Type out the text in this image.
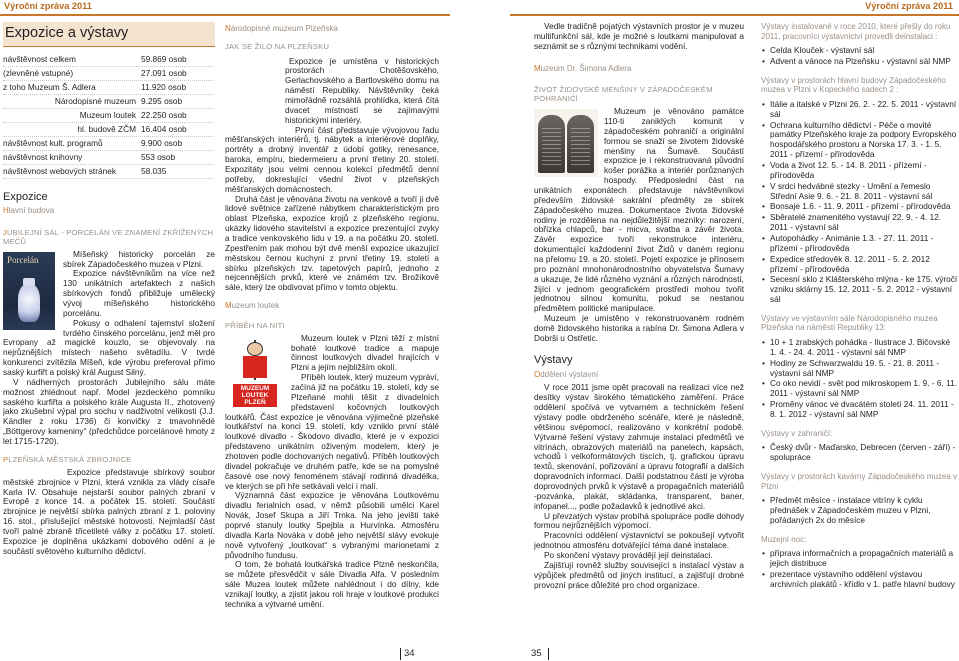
Výroční zpráva 2011	Výroční zpráva 2011
Expozice a výstavy
návštěvnost celkem	59.869 osob
(zlevněné vstupné)	27.091 osob
z toho Muzeum Š. Adlera	11.920 osob
Národopisné muzeum 9.295 osob
Muzeum loutek 22.250 osob
hl. budově ZČM 16.404 osob
návštěvnost kult. programů	9.900 osob
návštěvnost knihovny	553 osob
návštěvnost webových stránek	58.035
Expozice
Hlavní budova
JUBILEJNÍ SÁL - PORCELÁN VE ZNAMENÍ ZKŘÍŽENÝCH MEČŮ
Porcelán

Míšeňský historický porcelán ze sbírek Západočeského muzea v Plzni.

Expozice návštěvníkům na více než 130 unikátních artefaktech z našich sbírkových fondů přibližuje umělecký vývoj míšeňského historického porcelánu.

Pokusy o odhalení tajemství složení tvrdého čínského porcelánu, jenž měl pro Evropany až magické kouzlo, se objevovaly na nejrůznějších místech našeho světadílu. V tvrdé konkurenci zvítězila Míšeň, kde výrobu preferoval přímo saský kurfiřt a polský král August Silný.

V nádherných prostorách Jubilejního sálu máte možnost zhlédnout např. Model jezdeckého pomníku saského kurfiřta a polského krále Augusta II., zhotovený jako zkušební výpal pro sochu v nadživotní velikosti (J.J. Kändler z roku 1736) či konvičky z tmavohnědé „Böttgerovy kameniny“ (předchůdce porcelánové hmoty z let 1715-1720).

PLZEŇSKÁ MĚSTSKÁ ZBROJNICE

Expozice představuje sbírkový soubor městské zbrojnice v Plzni, která vznikla za vlády císaře Karla IV. Obsahuje nejstarší soubor palných zbraní v Evropě z konce 14. a počátek 15. století. Součástí zbrojnice je největší sbírka palných zbraní z 1. poloviny 16. stol., příslušející městské hotovosti. Nejmladší část tvoří palné zbraně třicetileté války z počátku 17. století. Expozice je doplněna ukázkami dobového odění a je součástí světového kulturního dědictví.

Národopisné muzeum Plzeňska
JAK SE ŽILO NA PLZEŇSKU

Expozice je umístěna v historických prostorách Chotěšovského, Gerlachovského a Bartlovského domu na náměstí Republiky. Návštěvníky čeká mimořádně rozsáhlá prohlídka, která čítá dvacet místností se zajímavými historickými interiéry.

První část představuje vývojovou řadu měšťanských interiérů, tj. nábytek a interiérové doplňky, portréty a drobný inventář z údobí gotiky, renesance, baroka, empíru, biedermeieru a první třetiny 20. století. Expozitáty jsou velmi cennou kolekcí předmětů denní potřeby, dokreslující všední život v plzeňských měšťanských domácnostech.

Druhá část je věnována životu na venkově a tvoří ji dvě lidové světnice zařízené nábytkem charakteristickým pro oblast Plzeňska, expozice krojů z plzeňského regionu, ukázky lidového stavitelství a expozice prezentující zvyky a tradice venkovského lidu v 19. a na počátku 20. století. Zpestřením pak mohou být dvě menší expozice ukazující městskou černou kuchyni z první třetiny 19. století a sbírku plzeňských tzv. tapetových papírů, jednoho z nejcennějších prvků, které ve známém tzv. Brožíkově sále, který lze obdivovat přímo v tomto objektu.

Muzeum loutek
PŘÍBĚH NA NITI
MUZEUM LOUTEK PLZEŇ

Muzeum loutek v Plzni těží z místní bohaté loutkové tradice a mapuje činnost loutkových divadel hrajících v Plzni a jejím nejbližším okolí.

Příběh loutek, který muzeum vypráví, začíná již na počátku 19. století, kdy se Plzeňané mohli těšit z divadelních představení kočovných loutkových loutkářů. Část expozice je věnována výjimečné plzeňské loutkářství na konci 19. století, kdy vzniklo první stálé loutkové divadlo - Škodovo divadlo, které je v expozici představeno unikátním oživeným modelem, který je zhotoven podle dochovaných negativů. Příběh loutkových divadel pokračuje ve druhém patře, kde se na pomyslné časové ose nový fenoménem stávají rodinná divadélka, ve kterých se při hře setkávali velcí i malí.

Významná část expozice je věnována Loutkovému divadlu ferialních osad, v němž působili umělci Karel Novák, Josef Skupa a Jiří Trnka. Na jeho jevišti také poprvé stanuly loutky Spejbla a Hurvínka. Atmosféru divadla Karla Nováka v době jeho největší slávy evokuje nově vytvořený „loutkovat“ s vybranými marionetami z původního fundusu.

O tom, že bohatá loutkářská tradice Plzně neskončila, se můžete přesvědčit v sále Divadla Alfa. V posledním sále Muzea loutek můžete nahlédnout i do dílny, kde vznikají loutky, a zjistit jakou roli hraje v loutkové produkci technika a výtvarné umění.

Vedle tradičně pojatých výstavních prostor je v muzeu multifunkční sál, kde je možné s loutkami manipulovat a seznámit se s různými technikami vodění.

Muzeum Dr. Šimona Adlera
ŽIVOT ŽIDOVSKÉ MENŠINY V ZÁPADOČESKÉM POHRANIČÍ

Muzeum je věnováno památce 110-ti zaniklých komunit v západočeském pohraničí a originální formou se snaží se životem židovské menšiny na Šumavě. Součástí expozice je i rekonstruovaná původní košer porážka a interiér porůznaných hospody. Předposlední část na unikátních exponátech představuje návštěvníkovi především židovské sakrální předměty ze sbírek Západočeského muzea. Dokumentace života židovské rodiny je rozdělena na nejdůležitější mezníky: narození, obřízka chlapců, bar - micva, svatba a závěr života. Závěr expozice tvoří rekonstrukce interiéru, dokumentující každodenní život Židů v daném regionu na přelomu 19. a 20. století. Pojetí expozice je přínosem pro poznání mnohonárodnostního obyvatelstva Šumavy a ukazuje, že lidé různého vyznání a různých národností, žijící v jednom geografickém prostředí mohou tvořit jednotnou silnou komunitu, pokud se nestanou předmětem politické manipulace.

Muzeum je umístěno v rekonstruovaném rodném domě židovského historika a rabína Dr. Šimona Adlera v Dobrši u Ostřetic.

Výstavy
Oddělení výstavní

V roce 2011 jsme opět pracovali na realizaci více než desítky výstav širokého tématického zaměření. Práce oddělení spočívá ve vytvarném a technickém řešení výstavy podle obdrženého scénáře, které je následně, většinou svépomocí, realizováno v konkrétní podobě. Výtvarné řešení výstavy zahrnuje instalaci předmětů ve vitrínách, obrazových materiálů na panelech, kapsách, vchodů i velkoformátových tiscích, tj. grafickou úpravu textů, skenování, pořizování a úpravu fotografií a dalších dopravodních informací. Další podstatnou částí je výroba doprovodných prvků k výstavě a propagačních materiálů -pozvánka, plakát, skládanka, transparent, baner, infopanel..., podle požadavků k jednotlivé akci.

U převzatých výstav probíhá spolupráce podle dohody formou nejrůznějších výpomocí.

Pracovníci oddělení výstavnictví se pokoušejí vytvořit jednotnou atmosféru dotvářející téma dané instalace.

Po skončení výstavy provádějí její deinstalaci.

Zajišťují rovněž služby související s instalací výstav a výpůjček předmětů od jiných institucí, a zajišťují drobné provozní práce důležité pro chod organizace.

Výstavy instalované v roce 2010, které přešly do roku 2011, pracovníci výstavnictví provedli deinstalaci :
• Celda Klouček - výstavní sál
• Advent a vánoce na Plzeňsku - výstavní sál NMP
Výstavy v prostorách hlavní budovy Západočeského muzea v Plzni v Kopeckého sadech 2 :
• Itálie a italské v Plzni 26. 2. - 22. 5. 2011 - výstavní sál
• Ochrana kulturního dědictví - Péče o movité památky Plzeňského kraje za podpory Evropského hospodářského prostoru a Norska 17. 3. - 1. 5. 2011 - přízemí - přírodověda
• Voda a život 12. 5. - 14. 8. 2011 - přízemí - přírodověda
• V srdci hedvábné stezky - Umění a řemeslo Střední Asie 9. 6. - 21. 8. 2011 - výstavní sál
• Bonsaje 1.6. - 11. 9. 2011 - přízemí - přírodověda
• Sběratelé znamenitého vystavují 22. 9. - 4. 12. 2011 - výstavní sál
• Autopohádky - Animánie 1.3. - 27. 11. 2011 - přízemí - přírodověda
• Expedice středověk 8. 12. 2011 - 5. 2. 2012 přízemí - přírodověda
• Secesní sklo z Klášterského mlýna - ke 175. výročí vzniku sklárny 15. 12. 2011 - 5. 2. 2012 - výstavní sál
Výstavy ve výstavním sále Národopisného muzea Plzeňska na náměstí Republiky 13:
• 10 + 1 zrabských pohádka - Ilustrace J. Bičovské 1. 4. - 24. 4. 2011 - výstavní sál NMP
• Hodiny ze Schwarzwaldu 19. 5. - 21. 8. 2011 - výstavní sál NMP
• Co oko nevidí - svět pod mikroskopem 1. 9. - 6. 11. 2011 - výstavní sál NMP
• Proměny vánoc ve dvacátém století 24. 11. 2011 - 8. 1. 2012 - výstavní sál NMP
Výstavy v zahraničí:
• Český dvůr - Maďarsko, Debrecen (červen - září) - spolupráce
Výstavy v prostorách kavárny Západočeského muzea v Plzni
• Předmět měsíce - instalace vitríny k cyklu přednášek v Západočeském muzeu v Plzni, pořádaných 2x do měsíce
Muzejní noc:
• příprava informačních a propagačních materiálů a jejich distribuce
• prezentace výstavního oddělení výstavou archivních plakátů - křídlo v 1. patře hlavní budovy
34	35
